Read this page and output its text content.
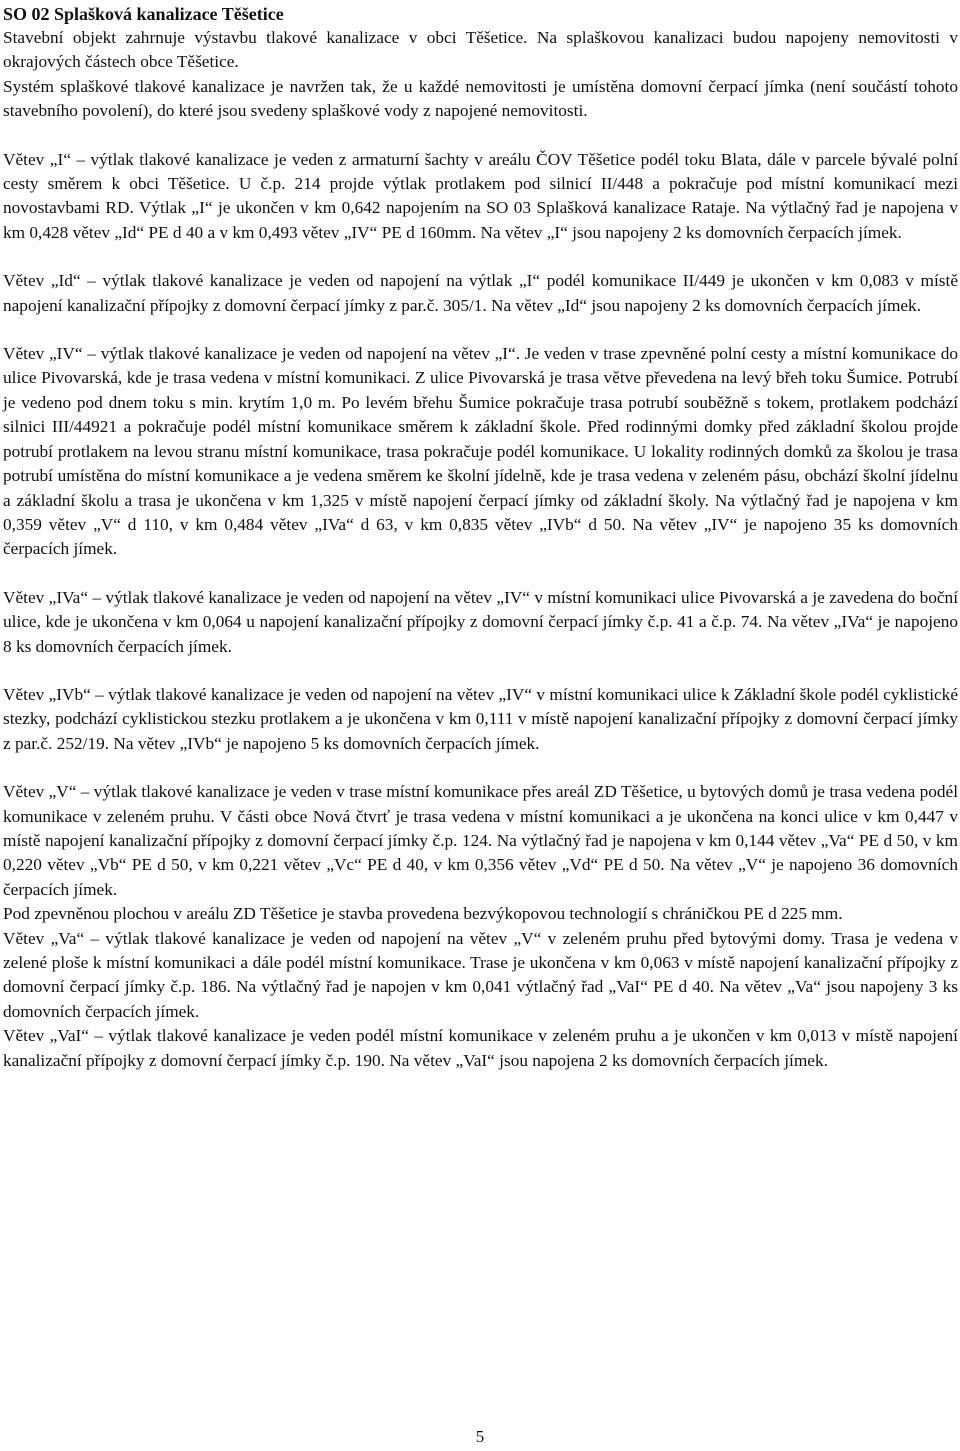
SO 02 Splašková kanalizace Těšetice

Stavební objekt zahrnuje výstavbu tlakové kanalizace v obci Těšetice. Na splaškovou kanalizaci budou napojeny nemovitosti v okrajových částech obce Těšetice.

Systém splaškové tlakové kanalizace je navržen tak, že u každé nemovitosti je umístěna domovní čerpací jímka (není součástí tohoto stavebního povolení), do které jsou svedeny splaškové vody z napojené nemovitosti.

Větev „I“ – výtlak tlakové kanalizace je veden z armaturní šachty v areálu ČOV Těšetice podél toku Blata, dále v parcele bývalé polní cesty směrem k obci Těšetice. U č.p. 214 projde výtlak protlakem pod silnicí II/448 a pokračuje pod místní komunikací mezi novostavbami RD. Výtlak „I“ je ukončen v km 0,642 napojením na SO 03 Splašková kanalizace Rataje. Na výtlačný řad je napojena v km 0,428 větev „Id“ PE d 40 a v km 0,493 větev „IV“ PE d 160mm. Na větev „I“ jsou napojeny 2 ks domovních čerpacích jímek.

Větev „Id“ – výtlak tlakové kanalizace je veden od napojení na výtlak „I“ podél komunikace II/449 je ukončen v km 0,083 v místě napojení kanalizační přípojky z domovní čerpací jímky z par.č. 305/1. Na větev „Id“ jsou napojeny 2 ks domovních čerpacích jímek.

Větev „IV“ – výtlak tlakové kanalizace je veden od napojení na větev „I“. Je veden v trase zpevněné polní cesty a místní komunikace do ulice Pivovarská, kde je trasa vedena v místní komunikaci. Z ulice Pivovarská je trasa větve převedena na levý břeh toku Šumice. Potrubí je vedeno pod dnem toku s min. krytím 1,0 m. Po levém břehu Šumice pokračuje trasa potrubí souběžně s tokem, protlakem podchází silnici III/44921 a pokračuje podél místní komunikace směrem k základní škole. Před rodinnými domky před základní školou projde potrubí protlakem na levou stranu místní komunikace, trasa pokračuje podél komunikace. U lokality rodinných domků za školou je trasa potrubí umístěna do místní komunikace a je vedena směrem ke školní jídelně, kde je trasa vedena v zeleném pásu, obchází školní jídelnu a základní školu a trasa je ukončena v km 1,325 v místě napojení čerpací jímky od základní školy. Na výtlačný řad je napojena v km 0,359 větev „V“ d 110, v km 0,484 větev „IVa“ d 63, v km 0,835 větev „IVb“ d 50. Na větev „IV“ je napojeno 35 ks domovních čerpacích jímek.

Větev „IVa“ – výtlak tlakové kanalizace je veden od napojení na větev „IV“ v místní komunikaci ulice Pivovarská a je zavedena do boční ulice, kde je ukončena v km 0,064 u napojení kanalizační přípojky z domovní čerpací jímky č.p. 41 a č.p. 74. Na větev „IVa“ je napojeno 8 ks domovních čerpacích jímek.

Větev „IVb“ – výtlak tlakové kanalizace je veden od napojení na větev „IV“ v místní komunikaci ulice k Základní škole podél cyklistické stezky, podchází cyklistickou stezku protlakem a je ukončena v km 0,111 v místě napojení kanalizační přípojky z domovní čerpací jímky z par.č. 252/19. Na větev „IVb“ je napojeno 5 ks domovních čerpacích jímek.

Větev „V“ – výtlak tlakové kanalizace je veden v trase místní komunikace přes areál ZD Těšetice, u bytových domů je trasa vedena podél komunikace v zeleném pruhu. V části obce Nová čtvrť je trasa vedena v místní komunikaci a je ukončena na konci ulice v km 0,447 v místě napojení kanalizační přípojky z domovní čerpací jímky č.p. 124. Na výtlačný řad je napojena v km 0,144 větev „Va“ PE d 50, v km 0,220 větev „Vb“ PE d 50, v km 0,221 větev „Vc“ PE d 40, v km 0,356 větev „Vd“ PE d 50. Na větev „V“ je napojeno 36 domovních čerpacích jímek.

Pod zpevněnou plochou v areálu ZD Těšetice je stavba provedena bezvýkopovou technologií s chráničkou PE d 225 mm.

Větev „Va“ – výtlak tlakové kanalizace je veden od napojení na větev „V“ v zeleném pruhu před bytovými domy. Trasa je vedena v zelené ploše k místní komunikaci a dále podél místní komunikace. Trase je ukončena v km 0,063 v místě napojení kanalizační přípojky z domovní čerpací jímky č.p. 186. Na výtlačný řad je napojen v km 0,041 výtlačný řad „VaI“ PE d 40. Na větev „Va“ jsou napojeny 3 ks domovních čerpacích jímek.

Větev „VaI“ – výtlak tlakové kanalizace je veden podél místní komunikace v zeleném pruhu a je ukončen v km 0,013 v místě napojení kanalizační přípojky z domovní čerpací jímky č.p. 190. Na větev „VaI“ jsou napojena 2 ks domovních čerpacích jímek.

5
